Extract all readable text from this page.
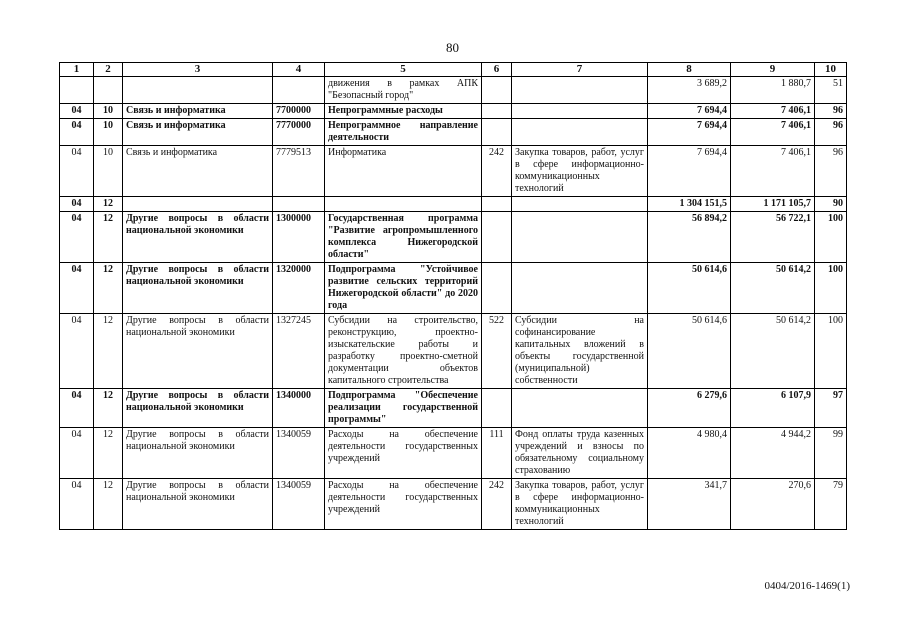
80
1	2	3	4	5	6	7	8	9	10
				движения в рамках АПК "Безопасный город"			3 689,2	1 880,7	51
04	10	Связь и информатика	7700000	Непрограммные расходы			7 694,4	7 406,1	96
04	10	Связь и информатика	7770000	Непрограммное направление деятельности			7 694,4	7 406,1	96
04	10	Связь и информатика	7779513	Информатика	242	Закупка товаров, работ, услуг в сфере информационно-коммуникационных технологий	7 694,4	7 406,1	96
04	12						1 304 151,5	1 171 105,7	90
04	12	Другие вопросы в области национальной экономики	1300000	Государственная программа "Развитие агропромышленного комплекса Нижегородской области"			56 894,2	56 722,1	100
04	12	Другие вопросы в области национальной экономики	1320000	Подпрограмма "Устойчивое развитие сельских территорий Нижегородской области" до 2020 года			50 614,6	50 614,2	100
04	12	Другие вопросы в области национальной экономики	1327245	Субсидии на строительство, реконструкцию, проектно-изыскательские работы и разработку проектно-сметной документации объектов капитального строительства	522	Субсидии на софинансирование капитальных вложений в объекты государственной (муниципальной) собственности	50 614,6	50 614,2	100
04	12	Другие вопросы в области национальной экономики	1340000	Подпрограмма "Обеспечение реализации государственной программы"			6 279,6	6 107,9	97
04	12	Другие вопросы в области национальной экономики	1340059	Расходы на обеспечение деятельности государственных учреждений	111	Фонд оплаты труда казенных учреждений и взносы по обязательному социальному страхованию	4 980,4	4 944,2	99
04	12	Другие вопросы в области национальной экономики	1340059	Расходы на обеспечение деятельности государственных учреждений	242	Закупка товаров, работ, услуг в сфере информационно-коммуникационных технологий	341,7	270,6	79
0404/2016-1469(1)
